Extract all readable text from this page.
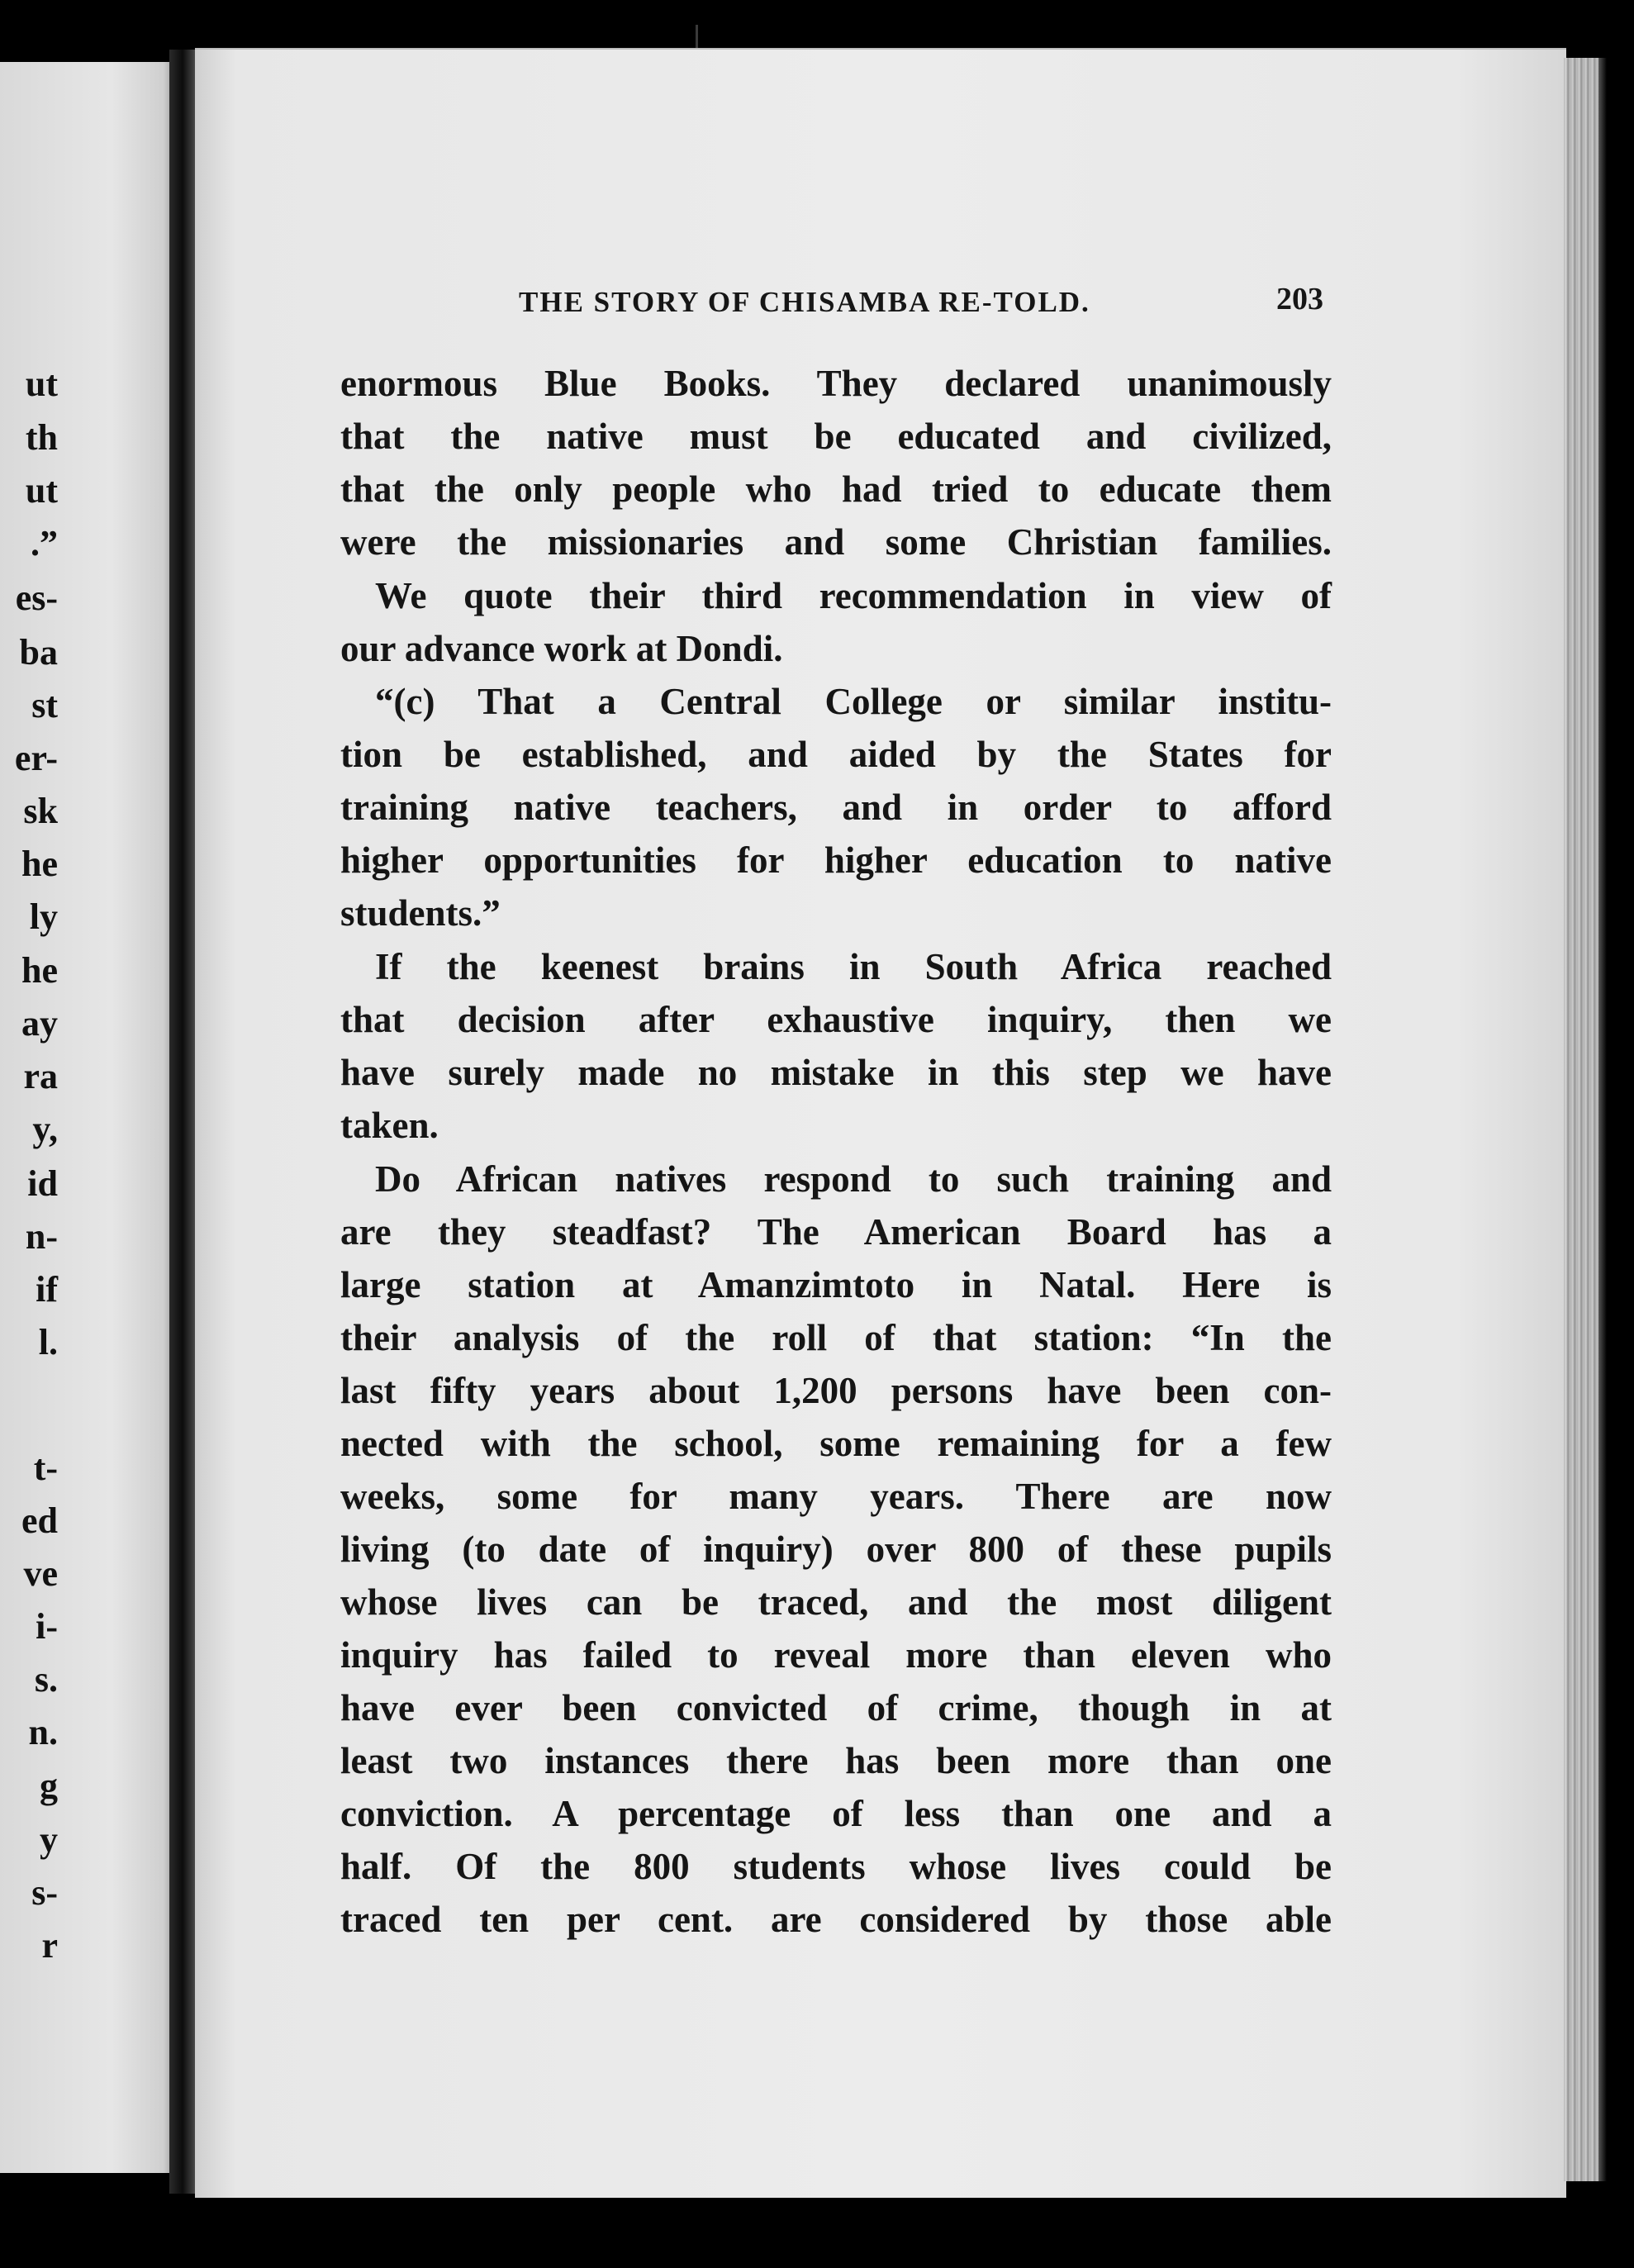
ut
th
ut
.”
es-
ba
st
er-
sk
he
ly
he
ay
ra
y,
id
n-
if
l.
t-
ed
ve
i-
s.
n.
g
y
s-
r
THE STORY OF CHISAMBA RE-TOLD.	203
enormous Blue Books. They declared unanimously
that the native must be educated and civilized,
that the only people who had tried to educate them
were the missionaries and some Christian families.
We quote their third recommendation in view of
our advance work at Dondi.
“(c) That a Central College or similar institu-
tion be established, and aided by the States for
training native teachers, and in order to afford
higher opportunities for higher education to native
students.”
If the keenest brains in South Africa reached
that decision after exhaustive inquiry, then we
have surely made no mistake in this step we have
taken.
Do African natives respond to such training and
are they steadfast? The American Board has a
large station at Amanzimtoto in Natal. Here is
their analysis of the roll of that station: “In the
last fifty years about 1,200 persons have been con-
nected with the school, some remaining for a few
weeks, some for many years. There are now
living (to date of inquiry) over 800 of these pupils
whose lives can be traced, and the most diligent
inquiry has failed to reveal more than eleven who
have ever been convicted of crime, though in at
least two instances there has been more than one
conviction. A percentage of less than one and a
half. Of the 800 students whose lives could be
traced ten per cent. are considered by those able
